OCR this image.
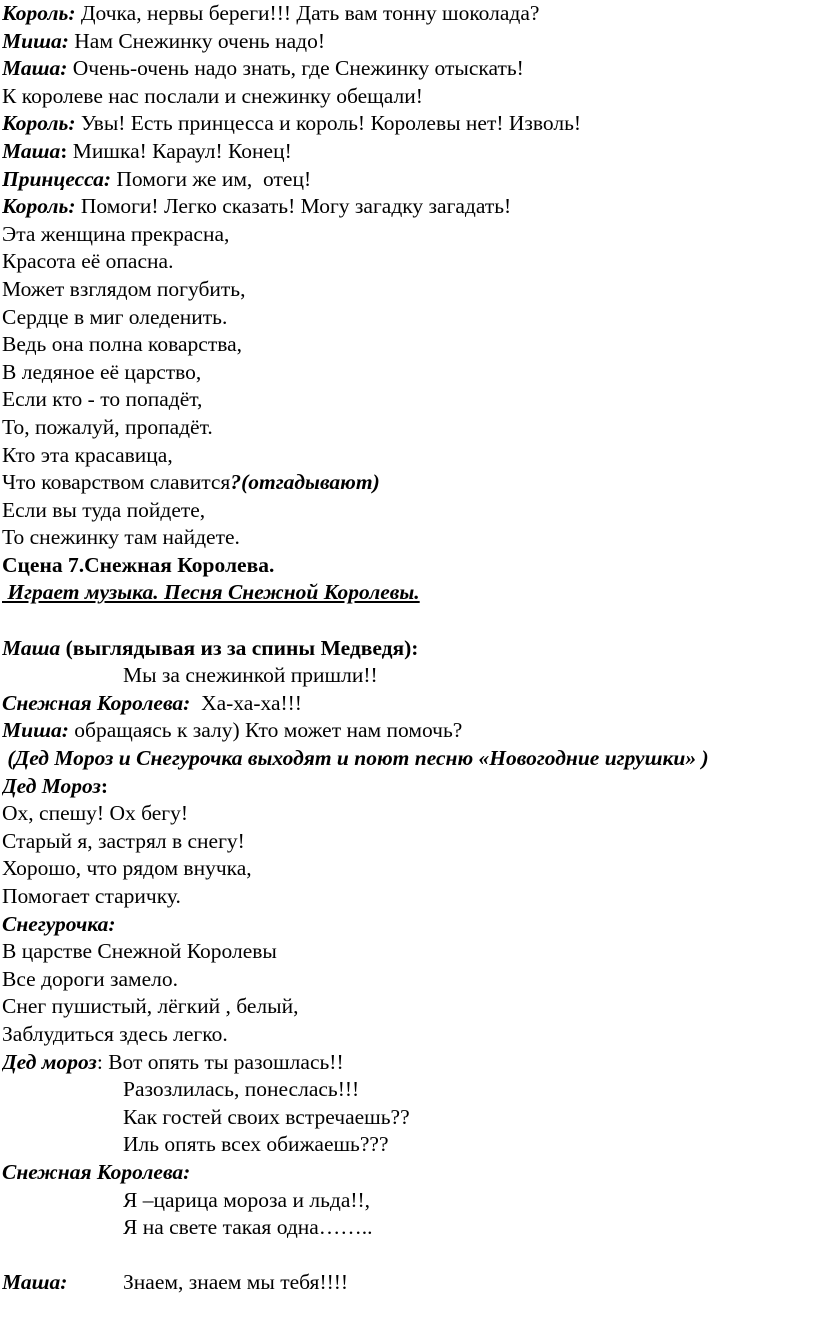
Король: Дочка, нервы береги!!! Дать вам тонну шоколада?
Миша: Нам Снежинку очень надо!
Маша: Очень-очень надо знать, где Снежинку отыскать!
К королеве нас послали и снежинку обещали!
Король: Увы! Есть принцесса и король! Королевы нет! Изволь!
Маша: Мишка! Караул! Конец!
Принцесса: Помоги же им,  отец!
Король: Помоги! Легко сказать! Могу загадку загадать!
Эта женщина прекрасна,
Красота её опасна.
Может взглядом погубить,
Сердце в миг оледенить.
Ведь она полна коварства,
В ледяное её царство,
Если кто - то попадёт,
То, пожалуй, пропадёт.
Кто эта красавица,
Что коварством славится?(отгадывают)
Если вы туда пойдете,
То снежинку там найдете.
Сцена 7.Снежная Королева.
Играет музыка. Песня Снежной Королевы.
Маша (выглядывая из за спины Медведя):
Мы за снежинкой пришли!!
Снежная Королева:  Ха-ха-ха!!!
Миша: обращаясь к залу) Кто может нам помочь?
(Дед Мороз и Снегурочка выходят и поют песню «Новогодние игрушки» )
Дед Мороз:
Ох, спешу! Ох бегу!
Старый я, застрял в снегу!
Хорошо, что рядом внучка,
Помогает старичку.
Снегурочка:
В царстве Снежной Королевы
Все дороги замело.
Снег пушистый, лёгкий , белый,
Заблудиться здесь легко.
Дед мороз: Вот опять ты разошлась!!
Разозлилась, понеслась!!!
Как гостей своих встречаешь??
Иль опять всех обижаешь???
Снежная Королева:
Я –царица мороза и льда!!,
Я на свете такая одна……..
Маша:	Знаем, знаем мы тебя!!!!
